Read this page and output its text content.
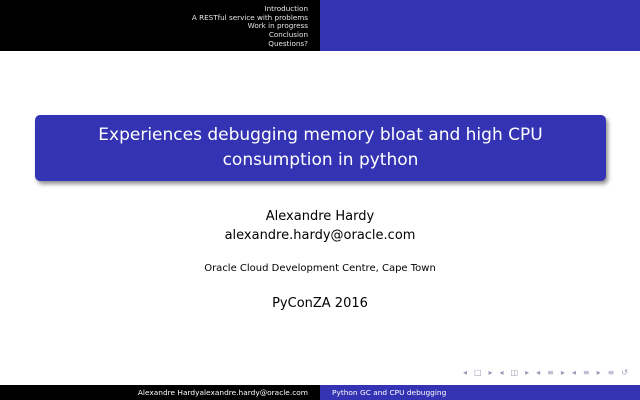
Introduction
A RESTful service with problems
Work in progress
Conclusion
Questions?
Experiences debugging memory bloat and high CPU consumption in python
Alexandre Hardy
alexandre.hardy@oracle.com
Oracle Cloud Development Centre, Cape Town
PyConZA 2016
◂ □ ▸ ◂ ◫ ▸ ◂ ≡ ▸ ◂ ≡ ▸ ≡ ↺
Alexandre Hardyalexandre.hardy@oracle.com	Python GC and CPU debugging
